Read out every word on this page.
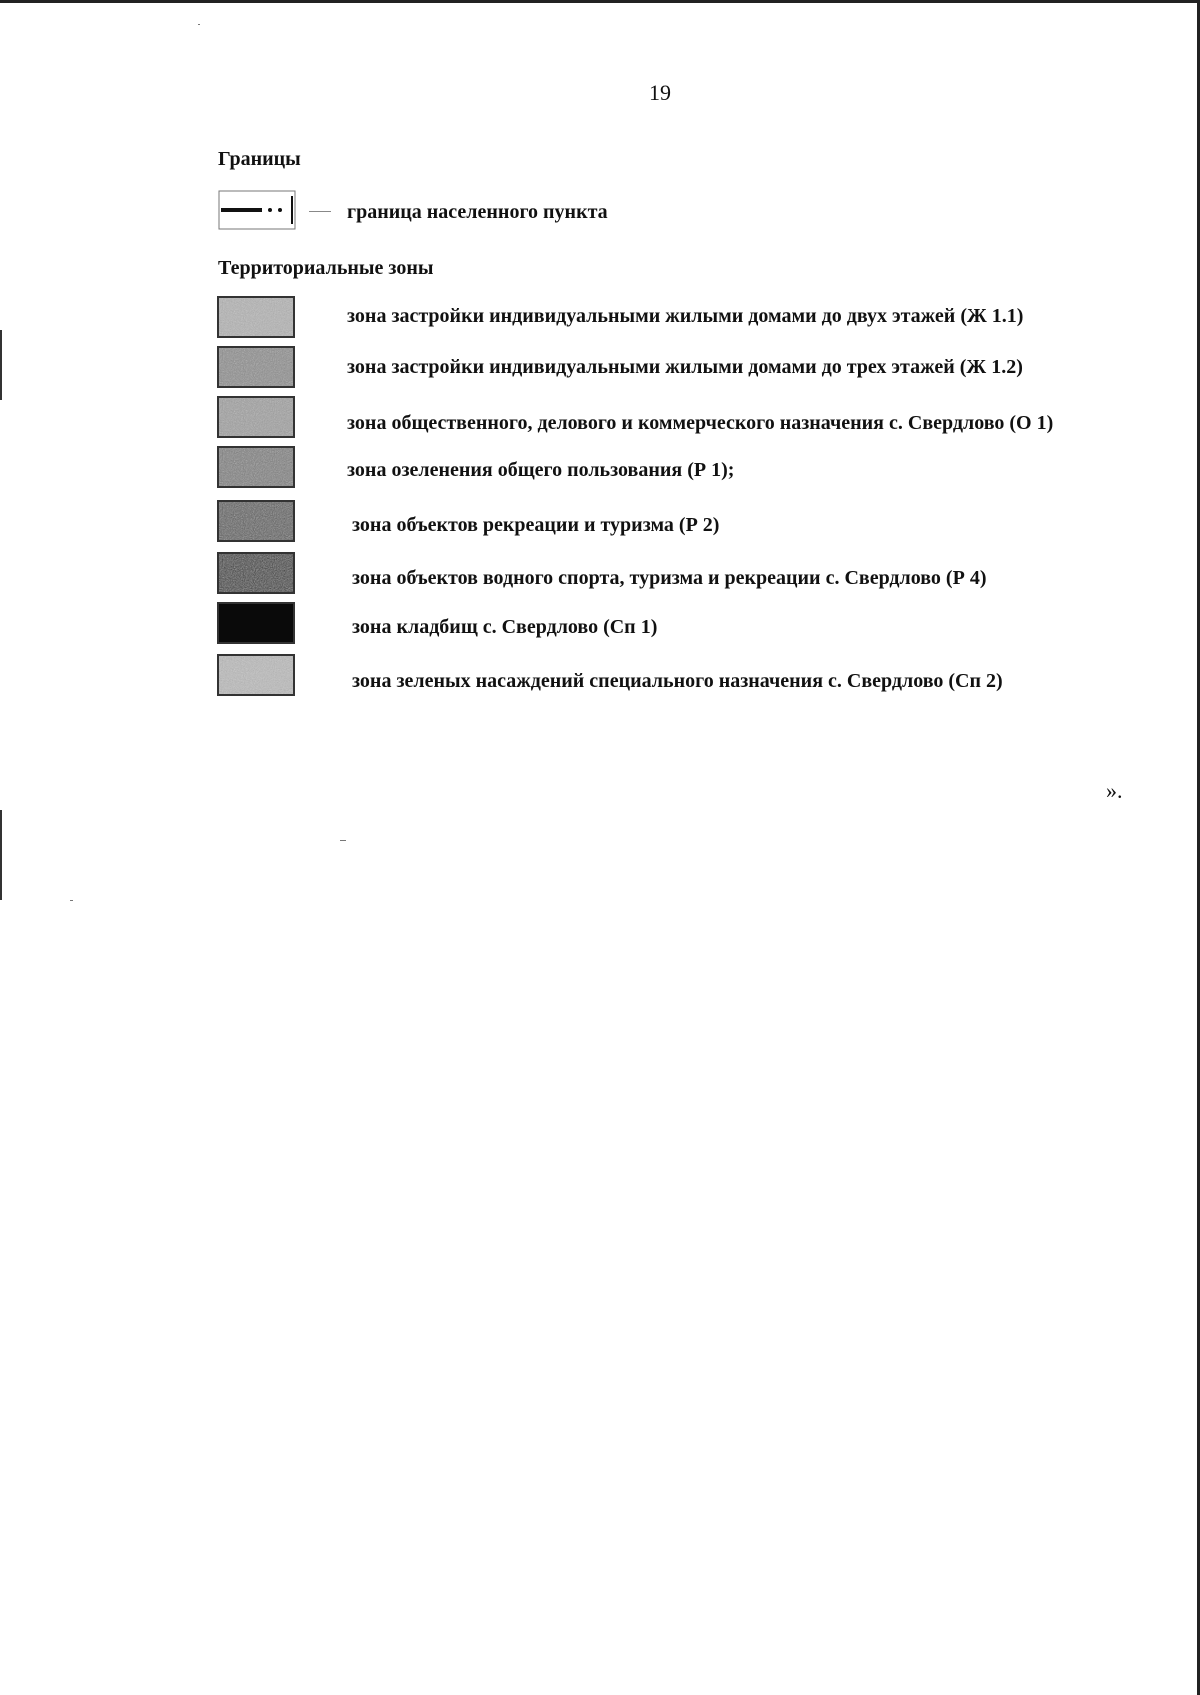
19
Границы
граница населенного пункта
Территориальные зоны
зона застройки индивидуальными жилыми домами до двух этажей (Ж 1.1)
зона застройки индивидуальными жилыми домами до трех этажей (Ж 1.2)
зона общественного, делового и коммерческого назначения с. Свердлово (О 1)
зона озеленения общего пользования (Р 1);
зона объектов рекреации и туризма (Р 2)
зона объектов водного спорта, туризма и рекреации с. Свердлово (Р 4)
зона кладбищ с. Свердлово (Сп 1)
зона зеленых насаждений специального назначения с. Свердлово (Сп 2)
».
